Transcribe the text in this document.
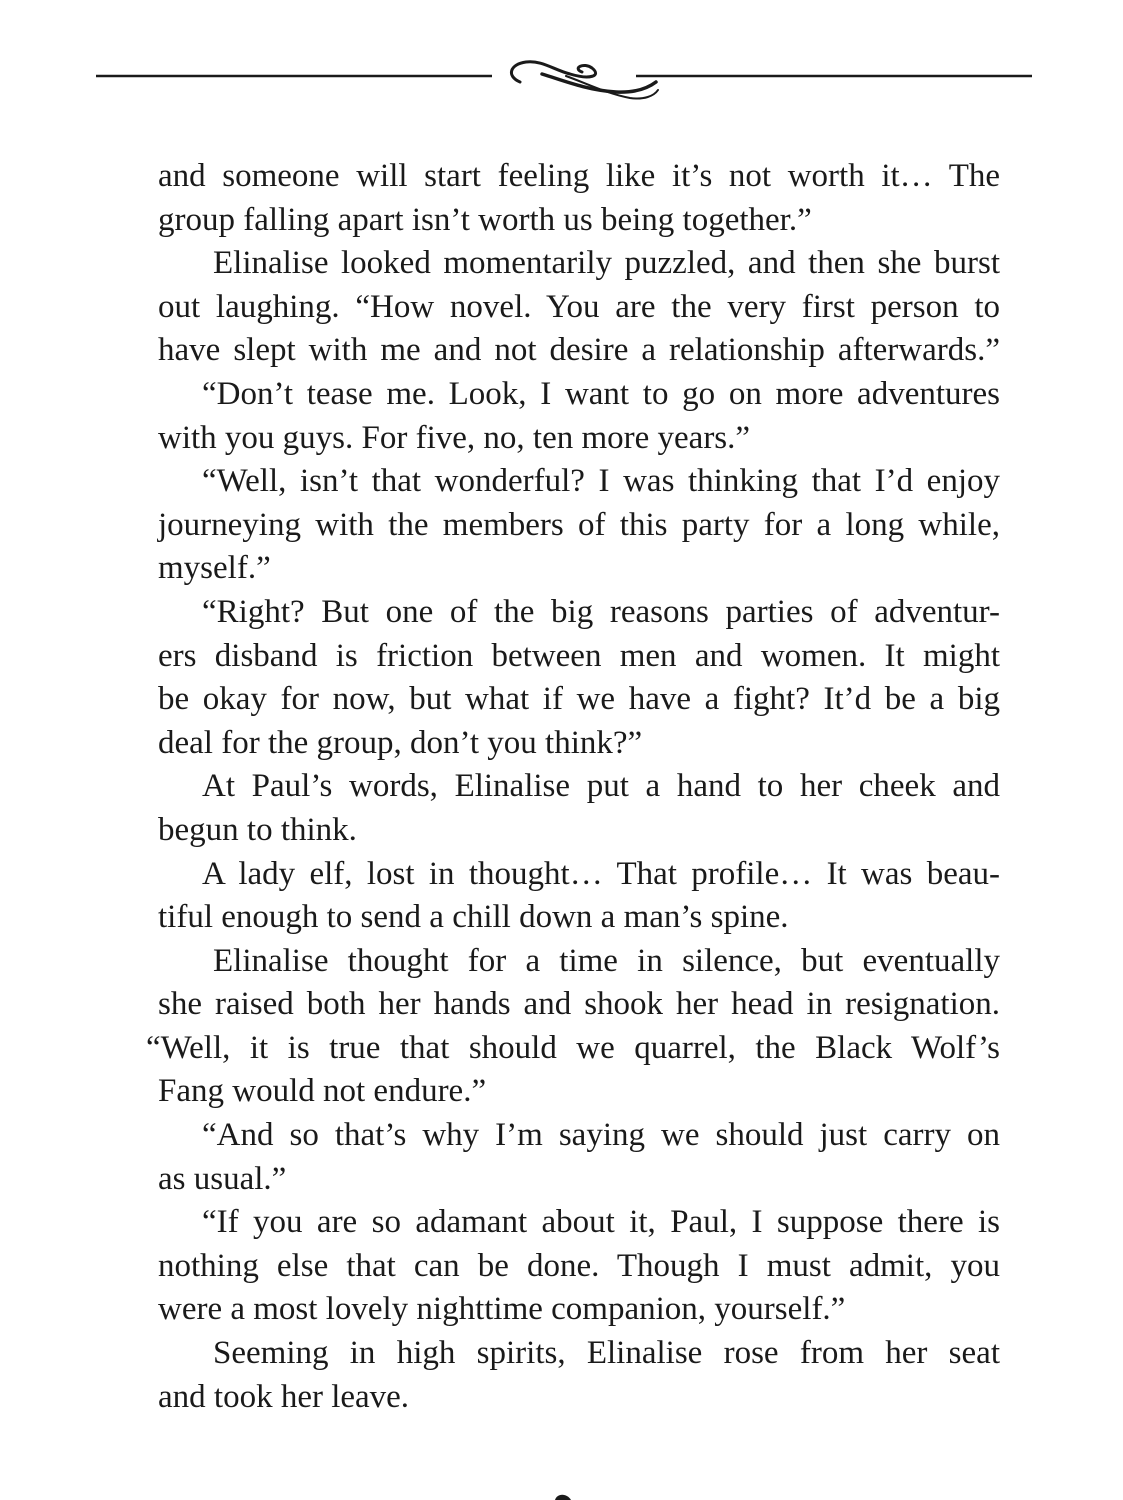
and someone will start feeling like it’s not worth it… The
group falling apart isn’t worth us being together.”
Elinalise looked momentarily puzzled, and then she burst
out laughing. “How novel. You are the very first person to
have slept with me and not desire a relationship afterwards.”
“Don’t tease me. Look, I want to go on more adventures
with you guys. For five, no, ten more years.”
“Well, isn’t that wonderful? I was thinking that I’d enjoy
journeying with the members of this party for a long while,
myself.”
“Right? But one of the big reasons parties of adventur-
ers disband is friction between men and women. It might
be okay for now, but what if we have a fight? It’d be a big
deal for the group, don’t you think?”
At Paul’s words, Elinalise put a hand to her cheek and
begun to think.
A lady elf, lost in thought… That profile… It was beau-
tiful enough to send a chill down a man’s spine.
Elinalise thought for a time in silence, but eventually
she raised both her hands and shook her head in resignation.
“Well, it is true that should we quarrel, the Black Wolf’s
Fang would not endure.”
“And so that’s why I’m saying we should just carry on
as usual.”
“If you are so adamant about it, Paul, I suppose there is
nothing else that can be done. Though I must admit, you
were a most lovely nighttime companion, yourself.”
Seeming in high spirits, Elinalise rose from her seat
and took her leave.
